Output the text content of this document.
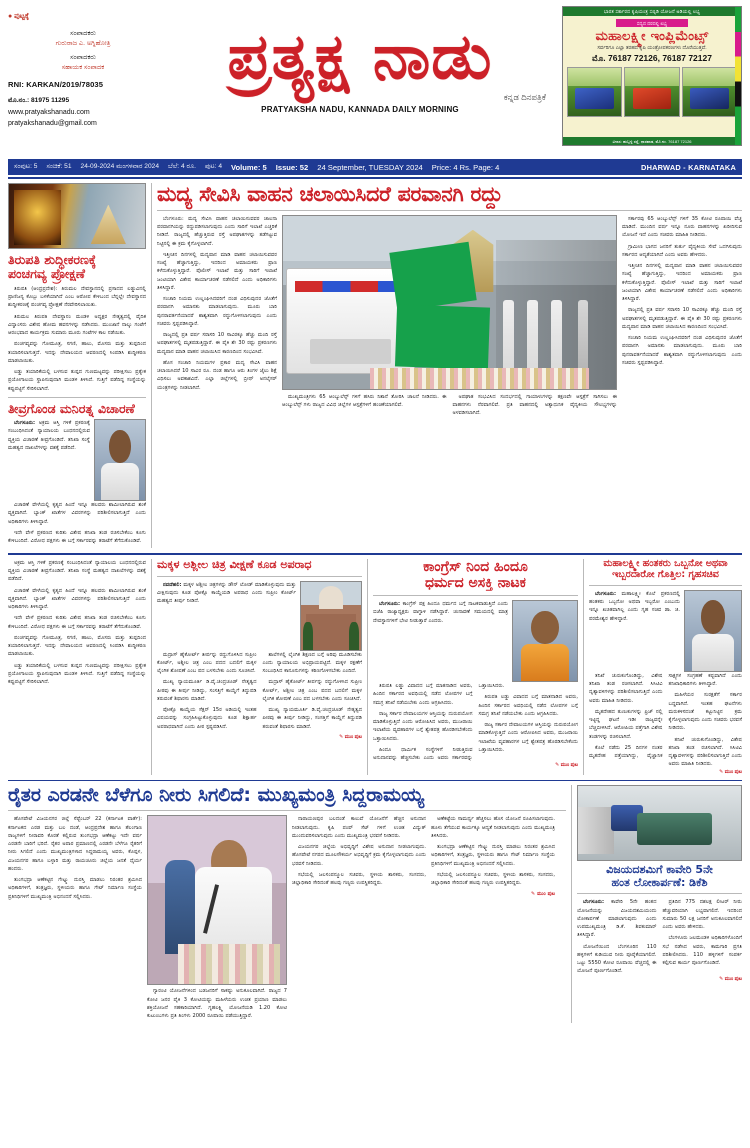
● ಪುಟ್ಟಕ್ಕೆ
ಸಂಪಾದಕರು
ಗುರುರಾಜ ಎ. ಅಗ್ನಿಹೋತ್ರಿ
ಸಂಪಾದಕರು
ಸಹಾಯಕ ಸಂಪಾದಕ
RNI: KARKAN/2019/78035
ಮೊ.ನಂ.: 81975 11295
www.pratyakshanadu.com
pratyakshanadu@gmail.com
ಪ್ರತ್ಯಕ್ಷ ನಾಡು
ಕನ್ನಡ ದಿನಪತ್ರಿಕೆ
PRATYAKSHA NADU, KANNADA DAILY MORNING
ಭಾರತ ಸರ್ಕಾರದ ಕೃಷಿಯಂತ್ರ ಸಬ್ಸಿಡಿ ಯೋಜನೆ ಅಡಿಯಲ್ಲಿ ಲಭ್ಯ
ಸದ್ಯದ ದರದಲ್ಲಿ ಲಭ್ಯ
ಮಹಾಲಕ್ಷ್ಮೀ ಇಂಪ್ಲಿಮೆಂಟ್ಸ್
ಸರ್ವರಿಗೂ ಎಲ್ಲಾ ತರಹದ ಕೃಷಿ ಯಂತ್ರೋಪಕರಣಗಳು ದೊರೆಯುತ್ತವೆ.
ಮೊ. 76187 72126, 76187 72127
ವಿಳಾಸ: ಹುಬ್ಬಳ್ಳಿ ರಸ್ತೆ, ಧಾರವಾಡ, ಮೊ.ನಂ. 76187 72126
ಸಂಪುಟ: 5 ಸಂಚಿಕೆ: 51 24-09-2024 ಮಂಗಳವಾರ 2024 ಬೆಲೆ: 4 ರೂ. ಪುಟ: 4 Volume: 5 Issue: 52 24 September, TUESDAY 2024 Price: 4 Rs. Page: 4	DHARWAD - KARNATAKA
ತಿರುಪತಿ ಶುದ್ಧೀಕರಣಕ್ಕೆ
ಪಂಚಗವ್ಯ ಪ್ರೋಕ್ಷಣೆ

ತಿರುಪತಿ (ಆಂಧ್ರಪ್ರದೇಶ): ತಿರುಮಲ ದೇವಸ್ಥಾನದಲ್ಲಿ ಪ್ರಸಾದದ ಲಡ್ಡುವಿನಲ್ಲಿ ಪ್ರಾಣಿಜನ್ಯ ಕೊಬ್ಬು ಬಳಕೆಯಾಗಿದೆ ಎಂಬ ಆರೋಪ ಕೇಳಿಬಂದ ಬೆನ್ನಲ್ಲೇ ದೇವಸ್ಥಾನದ ಶುದ್ಧೀಕರಣಕ್ಕೆ ಪಂಚಗವ್ಯ ಪ್ರೋಕ್ಷಣೆ ನೆರವೇರಿಸಲಾಯಿತು.

ತಿರುಮಲ ತಿರುಪತಿ ದೇವಸ್ಥಾನಂ ಮಂಡಳಿ ಅಧ್ಯಕ್ಷರ ನೇತೃತ್ವದಲ್ಲಿ ವೈದಿಕ ವಿದ್ವಾಂಸರು ವಿಶೇಷ ಹೋಮ ಹವನಗಳನ್ನು ನಡೆಸಿದರು. ಮುಂಜಾನೆ ನಾಲ್ಕು ಗಂಟೆಗೆ ಆರಂಭವಾದ ಕಾರ್ಯಕ್ರಮ ಸುಮಾರು ಮೂರು ಗಂಟೆಗಳ ಕಾಲ ನಡೆಯಿತು.

ಪಂಚಗವ್ಯವನ್ನು ಗೋಮೂತ್ರ, ಸಗಣಿ, ಹಾಲು, ಮೊಸರು ಮತ್ತು ತುಪ್ಪದಿಂದ ತಯಾರಿಸಲಾಗುತ್ತದೆ. ಇದನ್ನು ದೇವಾಲಯದ ಆವರಣದಲ್ಲಿ ಸಿಂಪಡಿಸಿ ಶುದ್ಧೀಕರಣ ಮಾಡಲಾಯಿತು.

ಲಡ್ಡು ತಯಾರಿಕೆಯಲ್ಲಿ ಬಳಸುವ ತುಪ್ಪದ ಗುಣಮಟ್ಟವನ್ನು ಪರೀಕ್ಷಿಸಲು ಪ್ರತ್ಯೇಕ ಪ್ರಯೋಗಾಲಯ ಸ್ಥಾಪಿಸುವುದಾಗಿ ಮಂಡಳಿ ತಿಳಿಸಿದೆ. ಗುತ್ತಿಗೆ ಪಡೆದಿದ್ದ ಸಂಸ್ಥೆಯನ್ನು ಕಪ್ಪುಪಟ್ಟಿಗೆ ಸೇರಿಸಲಾಗಿದೆ.

ತೀವ್ರಗೊಂಡ ಮನಿರತ್ನ ವಿಚಾರಣೆ

ಬೆಂಗಳೂರು: ಅಕ್ರಮ ಆಸ್ತಿ ಗಳಿಕೆ ಪ್ರಕರಣಕ್ಕೆ ಸಂಬಂಧಿಸಿದಂತೆ ನ್ಯಾಯಾಲಯ ಬಂಧನದಲ್ಲಿರುವ ವ್ಯಕ್ತಿಯ ವಿಚಾರಣೆ ತೀವ್ರಗೊಂಡಿದೆ. ತನಿಖಾ ಸಂಸ್ಥೆ ಮಹತ್ವದ ದಾಖಲೆಗಳನ್ನು ವಶಕ್ಕೆ ಪಡೆದಿದೆ.

ವಿಚಾರಣೆ ವೇಳೆಯಲ್ಲಿ ಕೃತ್ಯದ ಹಿಂದೆ ಇನ್ನೂ ಹಲವರು ಶಾಮೀಲಾಗಿರುವ ಶಂಕೆ ವ್ಯಕ್ತವಾಗಿದೆ. ಬ್ಯಾಂಕ್ ಖಾತೆಗಳ ವಿವರಗಳನ್ನು ಪರಿಶೀಲಿಸಲಾಗುತ್ತಿದೆ ಎಂದು ಅಧಿಕಾರಿಗಳು ತಿಳಿಸಿದ್ದಾರೆ.

ಇದೇ ವೇಳೆ ಪ್ರಕರಣದ ಕುರಿತು ವಿಶೇಷ ತನಿಖಾ ತಂಡ ರಚಿಸಬೇಕೆಂಬ ಕೂಗು ಕೇಳಿಬಂದಿದೆ. ವಿರೋಧ ಪಕ್ಷಗಳು ಈ ಬಗ್ಗೆ ಸರ್ಕಾರವನ್ನು ತರಾಟೆಗೆ ತೆಗೆದುಕೊಂಡಿವೆ.

ಮದ್ಯ ಸೇವಿಸಿ ವಾಹನ ಚಲಾಯಿಸಿದರೆ ಪರವಾನಗಿ ರದ್ದು

ಬೆಂಗಳೂರು: ಮದ್ಯ ಸೇವಿಸಿ ವಾಹನ ಚಲಾಯಿಸುವವರ ಚಾಲನಾ ಪರವಾನಗಿಯನ್ನು ರದ್ದುಪಡಿಸಲಾಗುವುದು ಎಂದು ಸಾರಿಗೆ ಇಲಾಖೆ ಎಚ್ಚರಿಕೆ ನೀಡಿದೆ. ರಾಜ್ಯದಲ್ಲಿ ಹೆಚ್ಚುತ್ತಿರುವ ರಸ್ತೆ ಅಪಘಾತಗಳನ್ನು ತಡೆಗಟ್ಟುವ ನಿಟ್ಟಿನಲ್ಲಿ ಈ ಕ್ರಮ ಕೈಗೊಳ್ಳಲಾಗಿದೆ.

ಇತ್ತೀಚಿನ ದಿನಗಳಲ್ಲಿ ಮದ್ಯಪಾನ ಮಾಡಿ ವಾಹನ ಚಲಾಯಿಸುವವರ ಸಂಖ್ಯೆ ಹೆಚ್ಚಾಗುತ್ತಿದ್ದು, ಇದರಿಂದ ಅಮಾಯಕರು ಪ್ರಾಣ ಕಳೆದುಕೊಳ್ಳುತ್ತಿದ್ದಾರೆ. ಪೊಲೀಸ್ ಇಲಾಖೆ ಮತ್ತು ಸಾರಿಗೆ ಇಲಾಖೆ ಜಂಟಿಯಾಗಿ ವಿಶೇಷ ಕಾರ್ಯಾಚರಣೆ ನಡೆಸಲಿದೆ ಎಂದು ಅಧಿಕಾರಿಗಳು ತಿಳಿಸಿದ್ದಾರೆ.

ಸಂಚಾರಿ ನಿಯಮ ಉಲ್ಲಂಘಿಸಿದವರಿಗೆ ದಂಡ ವಿಧಿಸುವುದರ ಜೊತೆಗೆ ಪರವಾನಗಿ ಅಮಾನತು ಮಾಡಲಾಗುವುದು. ಮೂರು ಬಾರಿ ಪುನರಾವರ್ತನೆಯಾದರೆ ಶಾಶ್ವತವಾಗಿ ರದ್ದುಗೊಳಿಸಲಾಗುವುದು ಎಂದು ಸಚಿವರು ಸ್ಪಷ್ಟಪಡಿಸಿದ್ದಾರೆ.

ರಾಜ್ಯದಲ್ಲಿ ಪ್ರತಿ ವರ್ಷ ಸರಾಸರಿ 10 ಸಾವಿರಕ್ಕೂ ಹೆಚ್ಚು ಮಂದಿ ರಸ್ತೆ ಅಪಘಾತಗಳಲ್ಲಿ ಮೃತಪಡುತ್ತಿದ್ದಾರೆ. ಈ ಪೈಕಿ ಶೇ 30 ರಷ್ಟು ಪ್ರಕರಣಗಳು ಮದ್ಯಪಾನ ಮಾಡಿ ವಾಹನ ಚಲಾಯಿಸಿದ ಕಾರಣದಿಂದ ಸಂಭವಿಸಿವೆ.

ಹೊಸ ಸಂಚಾರಿ ನಿಯಮಗಳ ಪ್ರಕಾರ ಮದ್ಯ ಸೇವಿಸಿ ವಾಹನ ಚಲಾಯಿಸಿದರೆ 10 ಸಾವಿರ ರೂ. ದಂಡ ಹಾಗೂ ಆರು ತಿಂಗಳ ಜೈಲು ಶಿಕ್ಷೆ ವಿಧಿಸಲು ಅವಕಾಶವಿದೆ. ಎಲ್ಲಾ ಜಿಲ್ಲೆಗಳಲ್ಲಿ ಬ್ರೀಥ್ ಅನಲೈಸರ್ ಯಂತ್ರಗಳನ್ನು ನೀಡಲಾಗಿದೆ.

ಮುಖ್ಯಮಂತ್ರಿಗಳು 65 ಆಂಬ್ಯುಲೆನ್ಸ್ ಗಳಿಗೆ ಹಸಿರು ನಿಶಾನೆ ತೋರಿಸಿ ಚಾಲನೆ ನೀಡಿದರು. ಈ ಆಂಬ್ಯುಲೆನ್ಸ್ ಗಳು ರಾಜ್ಯದ ವಿವಿಧ ಜಿಲ್ಲೆಗಳ ಆಸ್ಪತ್ರೆಗಳಿಗೆ ಹಂಚಿಕೆಯಾಗಲಿವೆ.

ಅಪಘಾತ ಸಂಭವಿಸಿದ ಸಂದರ್ಭದಲ್ಲಿ ಗಾಯಾಳುಗಳನ್ನು ತಕ್ಷಣವೇ ಆಸ್ಪತ್ರೆಗೆ ಸಾಗಿಸಲು ಈ ವಾಹನಗಳು ನೆರವಾಗಲಿವೆ. ಪ್ರತಿ ವಾಹನದಲ್ಲಿ ಅತ್ಯಾಧುನಿಕ ವೈದ್ಯಕೀಯ ಸೌಲಭ್ಯಗಳನ್ನು ಅಳವಡಿಸಲಾಗಿದೆ.

ಸರ್ಕಾರವು 65 ಆಂಬ್ಯುಲೆನ್ಸ್ ಗಳಿಗೆ 35 ಕೋಟಿ ರೂಪಾಯಿ ವೆಚ್ಚ ಮಾಡಿದೆ. ಮುಂದಿನ ವರ್ಷ ಇನ್ನೂ ನೂರು ವಾಹನಗಳನ್ನು ಖರೀದಿಸುವ ಯೋಜನೆ ಇದೆ ಎಂದು ಸಚಿವರು ಮಾಹಿತಿ ನೀಡಿದರು.

ಗ್ರಾಮೀಣ ಭಾಗದ ಜನರಿಗೆ ತುರ್ತು ವೈದ್ಯಕೀಯ ಸೇವೆ ಒದಗಿಸುವುದು ಸರ್ಕಾರದ ಆದ್ಯತೆಯಾಗಿದೆ ಎಂದು ಅವರು ಹೇಳಿದರು.

ಇತ್ತೀಚಿನ ದಿನಗಳಲ್ಲಿ ಮದ್ಯಪಾನ ಮಾಡಿ ವಾಹನ ಚಲಾಯಿಸುವವರ ಸಂಖ್ಯೆ ಹೆಚ್ಚಾಗುತ್ತಿದ್ದು, ಇದರಿಂದ ಅಮಾಯಕರು ಪ್ರಾಣ ಕಳೆದುಕೊಳ್ಳುತ್ತಿದ್ದಾರೆ. ಪೊಲೀಸ್ ಇಲಾಖೆ ಮತ್ತು ಸಾರಿಗೆ ಇಲಾಖೆ ಜಂಟಿಯಾಗಿ ವಿಶೇಷ ಕಾರ್ಯಾಚರಣೆ ನಡೆಸಲಿದೆ ಎಂದು ಅಧಿಕಾರಿಗಳು ತಿಳಿಸಿದ್ದಾರೆ.

ರಾಜ್ಯದಲ್ಲಿ ಪ್ರತಿ ವರ್ಷ ಸರಾಸರಿ 10 ಸಾವಿರಕ್ಕೂ ಹೆಚ್ಚು ಮಂದಿ ರಸ್ತೆ ಅಪಘಾತಗಳಲ್ಲಿ ಮೃತಪಡುತ್ತಿದ್ದಾರೆ. ಈ ಪೈಕಿ ಶೇ 30 ರಷ್ಟು ಪ್ರಕರಣಗಳು ಮದ್ಯಪಾನ ಮಾಡಿ ವಾಹನ ಚಲಾಯಿಸಿದ ಕಾರಣದಿಂದ ಸಂಭವಿಸಿವೆ.

ಸಂಚಾರಿ ನಿಯಮ ಉಲ್ಲಂಘಿಸಿದವರಿಗೆ ದಂಡ ವಿಧಿಸುವುದರ ಜೊತೆಗೆ ಪರವಾನಗಿ ಅಮಾನತು ಮಾಡಲಾಗುವುದು. ಮೂರು ಬಾರಿ ಪುನರಾವರ್ತನೆಯಾದರೆ ಶಾಶ್ವತವಾಗಿ ರದ್ದುಗೊಳಿಸಲಾಗುವುದು ಎಂದು ಸಚಿವರು ಸ್ಪಷ್ಟಪಡಿಸಿದ್ದಾರೆ.

ಅಕ್ರಮ ಆಸ್ತಿ ಗಳಿಕೆ ಪ್ರಕರಣಕ್ಕೆ ಸಂಬಂಧಿಸಿದಂತೆ ನ್ಯಾಯಾಲಯ ಬಂಧನದಲ್ಲಿರುವ ವ್ಯಕ್ತಿಯ ವಿಚಾರಣೆ ತೀವ್ರಗೊಂಡಿದೆ. ತನಿಖಾ ಸಂಸ್ಥೆ ಮಹತ್ವದ ದಾಖಲೆಗಳನ್ನು ವಶಕ್ಕೆ ಪಡೆದಿದೆ.

ವಿಚಾರಣೆ ವೇಳೆಯಲ್ಲಿ ಕೃತ್ಯದ ಹಿಂದೆ ಇನ್ನೂ ಹಲವರು ಶಾಮೀಲಾಗಿರುವ ಶಂಕೆ ವ್ಯಕ್ತವಾಗಿದೆ. ಬ್ಯಾಂಕ್ ಖಾತೆಗಳ ವಿವರಗಳನ್ನು ಪರಿಶೀಲಿಸಲಾಗುತ್ತಿದೆ ಎಂದು ಅಧಿಕಾರಿಗಳು ತಿಳಿಸಿದ್ದಾರೆ.

ಇದೇ ವೇಳೆ ಪ್ರಕರಣದ ಕುರಿತು ವಿಶೇಷ ತನಿಖಾ ತಂಡ ರಚಿಸಬೇಕೆಂಬ ಕೂಗು ಕೇಳಿಬಂದಿದೆ. ವಿರೋಧ ಪಕ್ಷಗಳು ಈ ಬಗ್ಗೆ ಸರ್ಕಾರವನ್ನು ತರಾಟೆಗೆ ತೆಗೆದುಕೊಂಡಿವೆ.

ಪಂಚಗವ್ಯವನ್ನು ಗೋಮೂತ್ರ, ಸಗಣಿ, ಹಾಲು, ಮೊಸರು ಮತ್ತು ತುಪ್ಪದಿಂದ ತಯಾರಿಸಲಾಗುತ್ತದೆ. ಇದನ್ನು ದೇವಾಲಯದ ಆವರಣದಲ್ಲಿ ಸಿಂಪಡಿಸಿ ಶುದ್ಧೀಕರಣ ಮಾಡಲಾಯಿತು.

ಲಡ್ಡು ತಯಾರಿಕೆಯಲ್ಲಿ ಬಳಸುವ ತುಪ್ಪದ ಗುಣಮಟ್ಟವನ್ನು ಪರೀಕ್ಷಿಸಲು ಪ್ರತ್ಯೇಕ ಪ್ರಯೋಗಾಲಯ ಸ್ಥಾಪಿಸುವುದಾಗಿ ಮಂಡಳಿ ತಿಳಿಸಿದೆ. ಗುತ್ತಿಗೆ ಪಡೆದಿದ್ದ ಸಂಸ್ಥೆಯನ್ನು ಕಪ್ಪುಪಟ್ಟಿಗೆ ಸೇರಿಸಲಾಗಿದೆ.

ಮಕ್ಕಳ ಅಶ್ಲೀಲ ಚಿತ್ರ ವೀಕ್ಷಣೆ ಕೂಡ ಅಪರಾಧ

ನವದೆಹಲಿ: ಮಕ್ಕಳ ಅಶ್ಲೀಲ ಚಿತ್ರಗಳನ್ನು ಡೌನ್ ಲೋಡ್ ಮಾಡಿಕೊಳ್ಳುವುದು ಮತ್ತು ವೀಕ್ಷಿಸುವುದು ಕೂಡ ಪೋಕ್ಸೊ ಕಾಯ್ದೆಯಡಿ ಅಪರಾಧ ಎಂದು ಸುಪ್ರೀಂ ಕೋರ್ಟ್ ಮಹತ್ವದ ತೀರ್ಪು ನೀಡಿದೆ.

ಮದ್ರಾಸ್ ಹೈಕೋರ್ಟ್ ತೀರ್ಪನ್ನು ರದ್ದುಗೊಳಿಸಿದ ಸುಪ್ರೀಂ ಕೋರ್ಟ್, ಅಶ್ಲೀಲ ಚಿತ್ರ ಎಂಬ ಪದದ ಬದಲಿಗೆ ಮಕ್ಕಳ ಲೈಂಗಿಕ ಶೋಷಣೆ ಎಂಬ ಪದ ಬಳಸಬೇಕು ಎಂದು ಸೂಚಿಸಿದೆ.

ಮುಖ್ಯ ನ್ಯಾಯಮೂರ್ತಿ ಡಿ.ವೈ.ಚಂದ್ರಚೂಡ್ ನೇತೃತ್ವದ ಪೀಠವು ಈ ತೀರ್ಪು ನೀಡಿದ್ದು, ಸಂಸತ್ತಿಗೆ ಕಾಯ್ದೆಗೆ ತಿದ್ದುಪಡಿ ತರುವಂತೆ ಶಿಫಾರಸು ಮಾಡಿದೆ.

ಪೋಕ್ಸೊ ಕಾಯ್ದೆಯ ಸೆಕ್ಷನ್ 15ರ ಅಡಿಯಲ್ಲಿ ಇಂತಹ ವಿಷಯವನ್ನು ಸಂಗ್ರಹಿಸಿಟ್ಟುಕೊಳ್ಳುವುದು ಕೂಡ ಶಿಕ್ಷಾರ್ಹ ಅಪರಾಧವಾಗಿದೆ ಎಂದು ಪೀಠ ಸ್ಪಷ್ಟಪಡಿಸಿದೆ.

ಶಾಲೆಗಳಲ್ಲಿ ಲೈಂಗಿಕ ಶಿಕ್ಷಣದ ಬಗ್ಗೆ ಅರಿವು ಮೂಡಿಸಬೇಕು ಎಂದು ನ್ಯಾಯಾಲಯ ಅಭಿಪ್ರಾಯಪಟ್ಟಿದೆ. ಮಕ್ಕಳ ರಕ್ಷಣೆಗೆ ಸಂಬಂಧಿಸಿದ ಕಾನೂನುಗಳನ್ನು ಕಠಿಣಗೊಳಿಸಬೇಕು ಎಂದಿದೆ.

ಮದ್ರಾಸ್ ಹೈಕೋರ್ಟ್ ತೀರ್ಪನ್ನು ರದ್ದುಗೊಳಿಸಿದ ಸುಪ್ರೀಂ ಕೋರ್ಟ್, ಅಶ್ಲೀಲ ಚಿತ್ರ ಎಂಬ ಪದದ ಬದಲಿಗೆ ಮಕ್ಕಳ ಲೈಂಗಿಕ ಶೋಷಣೆ ಎಂಬ ಪದ ಬಳಸಬೇಕು ಎಂದು ಸೂಚಿಸಿದೆ.

ಮುಖ್ಯ ನ್ಯಾಯಮೂರ್ತಿ ಡಿ.ವೈ.ಚಂದ್ರಚೂಡ್ ನೇತೃತ್ವದ ಪೀಠವು ಈ ತೀರ್ಪು ನೀಡಿದ್ದು, ಸಂಸತ್ತಿಗೆ ಕಾಯ್ದೆಗೆ ತಿದ್ದುಪಡಿ ತರುವಂತೆ ಶಿಫಾರಸು ಮಾಡಿದೆ.

✎ ಮುಂ ಪುಟ
ಕಾಂಗ್ರೆಸ್ ನಿಂದ ಹಿಂದೂ
ಧರ್ಮದ ಅಸಕ್ತಿ ನಾಟಕ

ಬೆಂಗಳೂರು: ಕಾಂಗ್ರೆಸ್ ಪಕ್ಷ ಹಿಂದೂ ಧರ್ಮದ ಬಗ್ಗೆ ನಾಟಕವಾಡುತ್ತಿದೆ ಎಂದು ಬಿಜೆಪಿ ರಾಜ್ಯಾಧ್ಯಕ್ಷರು ವಾಗ್ದಾಳಿ ನಡೆಸಿದ್ದಾರೆ. ಚುನಾವಣೆ ಸಮಯದಲ್ಲಿ ಮಾತ್ರ ದೇವಸ್ಥಾನಗಳಿಗೆ ಭೇಟಿ ನೀಡುತ್ತಾರೆ ಎಂದರು.

ತಿರುಪತಿ ಲಡ್ಡು ವಿವಾದದ ಬಗ್ಗೆ ಮಾತನಾಡಿದ ಅವರು, ಹಿಂದಿನ ಸರ್ಕಾರದ ಅವಧಿಯಲ್ಲಿ ನಡೆದ ಲೋಪಗಳ ಬಗ್ಗೆ ಸಮಗ್ರ ತನಿಖೆ ನಡೆಯಬೇಕು ಎಂದು ಆಗ್ರಹಿಸಿದರು.

ರಾಜ್ಯ ಸರ್ಕಾರ ದೇವಾಲಯಗಳ ಆಸ್ತಿಯನ್ನು ದುರುಪಯೋಗ ಮಾಡಿಕೊಳ್ಳುತ್ತಿದೆ ಎಂದು ಆರೋಪಿಸಿದ ಅವರು, ಮುಜರಾಯಿ ಇಲಾಖೆಯ ವ್ಯವಹಾರಗಳ ಬಗ್ಗೆ ಶ್ವೇತಪತ್ರ ಹೊರಡಿಸಬೇಕೆಂದು ಒತ್ತಾಯಿಸಿದರು.

ಹಿಂದೂ ಧಾರ್ಮಿಕ ಸಂಸ್ಥೆಗಳಿಗೆ ನೀಡುತ್ತಿರುವ ಅನುದಾನವನ್ನು ಹೆಚ್ಚಿಸಬೇಕು ಎಂದು ಅವರು ಸರ್ಕಾರವನ್ನು ಒತ್ತಾಯಿಸಿದರು.

ತಿರುಪತಿ ಲಡ್ಡು ವಿವಾದದ ಬಗ್ಗೆ ಮಾತನಾಡಿದ ಅವರು, ಹಿಂದಿನ ಸರ್ಕಾರದ ಅವಧಿಯಲ್ಲಿ ನಡೆದ ಲೋಪಗಳ ಬಗ್ಗೆ ಸಮಗ್ರ ತನಿಖೆ ನಡೆಯಬೇಕು ಎಂದು ಆಗ್ರಹಿಸಿದರು.

ರಾಜ್ಯ ಸರ್ಕಾರ ದೇವಾಲಯಗಳ ಆಸ್ತಿಯನ್ನು ದುರುಪಯೋಗ ಮಾಡಿಕೊಳ್ಳುತ್ತಿದೆ ಎಂದು ಆರೋಪಿಸಿದ ಅವರು, ಮುಜರಾಯಿ ಇಲಾಖೆಯ ವ್ಯವಹಾರಗಳ ಬಗ್ಗೆ ಶ್ವೇತಪತ್ರ ಹೊರಡಿಸಬೇಕೆಂದು ಒತ್ತಾಯಿಸಿದರು.

✎ ಮುಂ ಪುಟ
ಮಹಾಲಕ್ಷ್ಮೀ ಹಂತಕರು ಒಬ್ಬನೋ ಅಥವಾ
ಇಬ್ಬರದಾರೋ ಗೊತ್ತಿಲ: ಗೃಹಸಚಿವ

ಬೆಂಗಳೂರು: ಮಹಾಲಕ್ಷ್ಮೀ ಕೊಲೆ ಪ್ರಕರಣದಲ್ಲಿ ಹಂತಕರು ಒಬ್ಬನೋ ಅಥವಾ ಇಬ್ಬರೋ ಎಂಬುದು ಇನ್ನೂ ಖಚಿತವಾಗಿಲ್ಲ ಎಂದು ಗೃಹ ಸಚಿವ ಡಾ. ಜಿ. ಪರಮೇಶ್ವರ ಹೇಳಿದ್ದಾರೆ.

ತನಿಖೆ ಚುರುಕುಗೊಂಡಿದ್ದು, ವಿಶೇಷ ತನಿಖಾ ತಂಡ ರಚಿಸಲಾಗಿದೆ. ಸಿಸಿಟಿವಿ ದೃಶ್ಯಾವಳಿಗಳನ್ನು ಪರಿಶೀಲಿಸಲಾಗುತ್ತಿದೆ ಎಂದು ಅವರು ಮಾಹಿತಿ ನೀಡಿದರು.

ಮೃತದೇಹದ ತುಣುಕುಗಳನ್ನು ಫ್ರಿಜ್ ನಲ್ಲಿ ಇಟ್ಟಿದ್ದ ಘಟನೆ ಇಡೀ ರಾಜ್ಯವನ್ನೇ ಬೆಚ್ಚಿಬೀಳಿಸಿದೆ. ಆರೋಪಿಯ ಪತ್ತೆಗಾಗಿ ವಿಶೇಷ ತಂಡಗಳನ್ನು ರಚಿಸಲಾಗಿದೆ.

ಕೊಲೆ ನಡೆದು 25 ದಿನಗಳ ನಂತರ ಮೃತದೇಹ ಪತ್ತೆಯಾಗಿದ್ದು, ವೈಜ್ಞಾನಿಕ ಸಾಕ್ಷ್ಯಗಳ ಸಂಗ್ರಹಣೆ ಕಷ್ಟವಾಗಿದೆ ಎಂದು ತನಿಖಾಧಿಕಾರಿಗಳು ತಿಳಿಸಿದ್ದಾರೆ.

ಮಹಿಳೆಯರ ಸುರಕ್ಷತೆಗೆ ಸರ್ಕಾರ ಬದ್ಧವಾಗಿದೆ. ಇಂತಹ ಘಟನೆಗಳು ಮರುಕಳಿಸದಂತೆ ಕಟ್ಟುನಿಟ್ಟಿನ ಕ್ರಮ ಕೈಗೊಳ್ಳಲಾಗುವುದು ಎಂದು ಸಚಿವರು ಭರವಸೆ ನೀಡಿದರು.

ತನಿಖೆ ಚುರುಕುಗೊಂಡಿದ್ದು, ವಿಶೇಷ ತನಿಖಾ ತಂಡ ರಚಿಸಲಾಗಿದೆ. ಸಿಸಿಟಿವಿ ದೃಶ್ಯಾವಳಿಗಳನ್ನು ಪರಿಶೀಲಿಸಲಾಗುತ್ತಿದೆ ಎಂದು ಅವರು ಮಾಹಿತಿ ನೀಡಿದರು.

✎ ಮುಂ ಪುಟ
ರೈತರ ಎರಡನೇ ಬೆಳೆಗೂ ನೀರು ಸಿಗಲಿದೆ: ಮುಖ್ಯಮಂತ್ರಿ ಸಿದ್ದರಾಮಯ್ಯ

ಹೊಸಪೇಟೆ ವಿಜಯನಗರ ಜಿಲ್ಲೆ ಸೆಪ್ಟೆಂಬರ್ 22 (ಕರ್ನಾಟಕ ವಾರ್ತೆ): ಕರ್ನಾಟಕದ ಎರಡ ಮತ್ತು ಬಲ ದಂಡೆ, ಆಂಧ್ರಪ್ರದೇಶ ಹಾಗೂ ತೆಲಂಗಾಣ ರಾಜ್ಯಗಳಿಗೆ ನೀರಾವರಿ ಕೊರತೆ ಕಲ್ಲಿರುವ ತುಂಗಭದ್ರಾ ಆಣೆಕಟ್ಟು ಇದೇ ವರ್ಷ ಎರಡನೇ ಬಾರಿಗೆ ಭರಿದೆ. ರೈತರ ಅಪಾರ ಪ್ರಮಾಣದಲ್ಲಿ ಎರಡನೇ ಬೆಳೆಗೂ ರೈತರಿಗೆ ನೀರು ಸಿಗಲಿದೆ ಎಂದು ಮುಖ್ಯಮಂತ್ರಿಗಳಾದ ಸಿದ್ದರಾಮಯ್ಯ ಅವರು, ಕೊಪ್ಪಳ, ವಿಜಯನಗರ ಹಾಗೂ ಬಳ್ಳಾರಿ ಮತ್ತು ರಾಯಚೂರು ಜಿಲ್ಲೆಯ ಜನತೆ ಧೈರ್ಯ ಹಂದರು.

ತುಂಗಭದ್ರಾ ಆಣೆಕಟ್ಟಿನ ಗೇಟ್ನ್ನು ದುರಸ್ತಿ ಮಾಡಲು ನಿರಂತರ ಶ್ರಮಿಸಿದ ಅಧಿಕಾರಿಗಳಿಗೆ, ತಂತ್ರಜ್ಞರು, ಸ್ಥಳೀಯರು ಹಾಗೂ ಗೇಟ್ ನಿರ್ಮಾಣ ಸಂಸ್ಥೆಯ ಪ್ರತಿನಿಧಿಗಳಿಗೆ ಮುಖ್ಯಮಂತ್ರಿ ಅಭಿನಂದನೆ ಸಲ್ಲಿಸಿದರು.

ಗ್ಯಾರಂಟಿ ಯೋಜನೆಗಳಿಂದ ಬಡಜನರಿಗೆ ಸಾಕಷ್ಟು ಅನುಕೂಲವಾಗಿದೆ. ರಾಜ್ಯದ 7 ಕೋಟಿ ಜನರ ಪೈಕಿ 3 ಕೋಟಿಯಷ್ಟು ಮಹಿಳೆಯರು ಉಚಿತ ಪ್ರಯಾಣ ಮಾಡಲು ಶಕ್ತಿಯೋಜನೆ ಸಹಕಾರಿಯಾಗಿದೆ. ಗೃಹಲಕ್ಷ್ಮಿ ಯೋಜನೆಯಡಿ 1.20 ಕೋಟಿ ಕುಟುಂಬಗಳು ಪ್ರತಿ ತಿಂಗಳು 2000 ರೂಪಾಯಿ ಪಡೆಯುತ್ತಿದ್ದಾರೆ.

ನಾರಾಯಣಪುರ ಬಲದಂಡೆ ಕಾಲುವೆ ಯೋಜನೆಗೆ ಹೆಚ್ಚಿನ ಅನುದಾನ ನೀಡಲಾಗುವುದು. ಕೃಷಿ ಪಂಪ್ ಸೆಟ್ ಗಳಿಗೆ ಉಚಿತ ವಿದ್ಯುತ್ ಮುಂದುವರಿಸಲಾಗುವುದು ಎಂದು ಮುಖ್ಯಮಂತ್ರಿ ಭರವಸೆ ನೀಡಿದರು.

ವಿಜಯನಗರ ಜಿಲ್ಲೆಯ ಅಭಿವೃದ್ಧಿಗೆ ವಿಶೇಷ ಅನುದಾನ ನೀಡಲಾಗುವುದು. ಹೊಸಪೇಟೆ ನಗರದ ಮೂಲಸೌಕರ್ಯ ಅಭಿವೃದ್ಧಿಗೆ ಕ್ರಮ ಕೈಗೊಳ್ಳಲಾಗುವುದು ಎಂದು ಭರವಸೆ ನೀಡಿದರು.

ಸಭೆಯಲ್ಲಿ ಜಲಸಂಪನ್ಮೂಲ ಸಚಿವರು, ಸ್ಥಳೀಯ ಶಾಸಕರು, ಸಂಸದರು, ಜಿಲ್ಲಾಧಿಕಾರಿ ಸೇರಿದಂತೆ ಹಲವು ಗಣ್ಯರು ಉಪಸ್ಥಿತರಿದ್ದರು.

ಅಣೆಕಟ್ಟೆಯ ಸಾಮರ್ಥ್ಯ ಹೆಚ್ಚಿಸಲು ಹೊಸ ಯೋಜನೆ ರೂಪಿಸಲಾಗುವುದು. ಹೂಳು ತೆಗೆಯುವ ಕಾರ್ಯಕ್ಕೂ ಆದ್ಯತೆ ನೀಡಲಾಗುವುದು ಎಂದು ಮುಖ್ಯಮಂತ್ರಿ ತಿಳಿಸಿದರು.

ತುಂಗಭದ್ರಾ ಆಣೆಕಟ್ಟಿನ ಗೇಟ್ನ್ನು ದುರಸ್ತಿ ಮಾಡಲು ನಿರಂತರ ಶ್ರಮಿಸಿದ ಅಧಿಕಾರಿಗಳಿಗೆ, ತಂತ್ರಜ್ಞರು, ಸ್ಥಳೀಯರು ಹಾಗೂ ಗೇಟ್ ನಿರ್ಮಾಣ ಸಂಸ್ಥೆಯ ಪ್ರತಿನಿಧಿಗಳಿಗೆ ಮುಖ್ಯಮಂತ್ರಿ ಅಭಿನಂದನೆ ಸಲ್ಲಿಸಿದರು.

ಸಭೆಯಲ್ಲಿ ಜಲಸಂಪನ್ಮೂಲ ಸಚಿವರು, ಸ್ಥಳೀಯ ಶಾಸಕರು, ಸಂಸದರು, ಜಿಲ್ಲಾಧಿಕಾರಿ ಸೇರಿದಂತೆ ಹಲವು ಗಣ್ಯರು ಉಪಸ್ಥಿತರಿದ್ದರು.

✎ ಮುಂ ಪುಟ
ವಿಜಯದಶಮಿಗೆ ಕಾವೇರಿ 5ನೇ
ಹಂತ ಲೋಕಾರ್ಪಣೆ: ಡಿಕೆಶಿ

ಬೆಂಗಳೂರು: ಕಾವೇರಿ 5ನೇ ಹಂತದ ಯೋಜನೆಯನ್ನು ವಿಜಯದಶಮಿಯಂದು ಲೋಕಾರ್ಪಣೆ ಮಾಡಲಾಗುವುದು ಎಂದು ಉಪಮುಖ್ಯಮಂತ್ರಿ ಡಿ.ಕೆ. ಶಿವಕುಮಾರ್ ತಿಳಿಸಿದ್ದಾರೆ.

ಯೋಜನೆಯಿಂದ ಬೆಂಗಳೂರಿನ 110 ಹಳ್ಳಿಗಳಿಗೆ ಕುಡಿಯುವ ನೀರು ಪೂರೈಕೆಯಾಗಲಿದೆ. ಒಟ್ಟು 5550 ಕೋಟಿ ರೂಪಾಯಿ ವೆಚ್ಚದಲ್ಲಿ ಈ ಯೋಜನೆ ಪೂರ್ಣಗೊಂಡಿದೆ.

ಪ್ರತಿದಿನ 775 ದಶಲಕ್ಷ ಲೀಟರ್ ನೀರು ಹೆಚ್ಚುವರಿಯಾಗಿ ಲಭ್ಯವಾಗಲಿದೆ. ಇದರಿಂದ ಸುಮಾರು 50 ಲಕ್ಷ ಜನರಿಗೆ ಅನುಕೂಲವಾಗಲಿದೆ ಎಂದು ಅವರು ಹೇಳಿದರು.

ಬೆಂಗಳೂರು ಜಲಮಂಡಳಿ ಅಧಿಕಾರಿಗಳೊಂದಿಗೆ ಸಭೆ ನಡೆಸಿದ ಅವರು, ಕಾಮಗಾರಿ ಪ್ರಗತಿ ಪರಿಶೀಲಿಸಿದರು. 110 ಹಳ್ಳಿಗಳಿಗೆ ಸಂಪರ್ಕ ಕಲ್ಪಿಸುವ ಕಾರ್ಯ ಪೂರ್ಣಗೊಂಡಿದೆ.

✎ ಮುಂ ಪುಟ
